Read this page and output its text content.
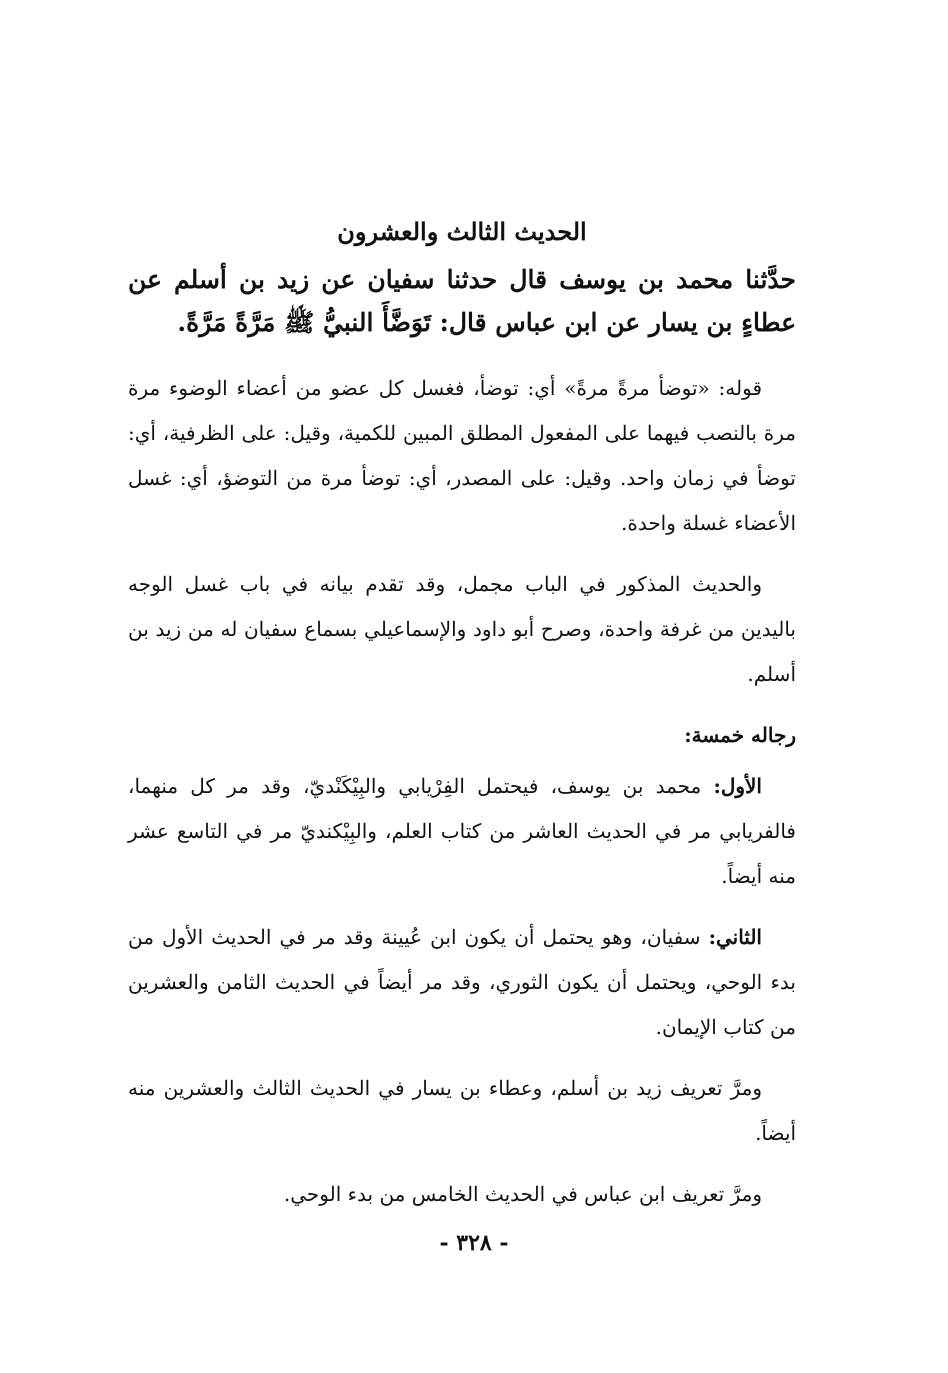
الحديث الثالث والعشرون
حدَّثنا محمد بن يوسف قال حدثنا سفيان عن زيد بن أسلم عن عطاءٍ بن يسار عن ابن عباس قال: تَوَضَّأَ النبيُّ ﷺ مَرَّةً مَرَّةً.
قوله: «توضأ مرةً مرةً» أي: توضأ، فغسل كل عضو من أعضاء الوضوء مرة مرة بالنصب فيهما على المفعول المطلق المبين للكمية، وقيل: على الظرفية، أي: توضأ في زمان واحد. وقيل: على المصدر، أي: توضأ مرة من التوضؤ، أي: غسل الأعضاء غسلة واحدة.
والحديث المذكور في الباب مجمل، وقد تقدم بيانه في باب غسل الوجه باليدين من غرفة واحدة، وصرح أبو داود والإسماعيلي بسماع سفيان له من زيد بن أسلم.
رجاله خمسة:
الأول: محمد بن يوسف، فيحتمل الفِرْيابي والبِيْكَنْديّ، وقد مر كل منهما، فالفريابي مر في الحديث العاشر من كتاب العلم، والبِيْكنديّ مر في التاسع عشر منه أيضاً.
الثاني: سفيان، وهو يحتمل أن يكون ابن عُيينة وقد مر في الحديث الأول من بدء الوحي، ويحتمل أن يكون الثوري، وقد مر أيضاً في الحديث الثامن والعشرين من كتاب الإيمان.
ومرَّ تعريف زيد بن أسلم، وعطاء بن يسار في الحديث الثالث والعشرين منه أيضاً.
ومرَّ تعريف ابن عباس في الحديث الخامس من بدء الوحي.
- ٣٢٨ -
